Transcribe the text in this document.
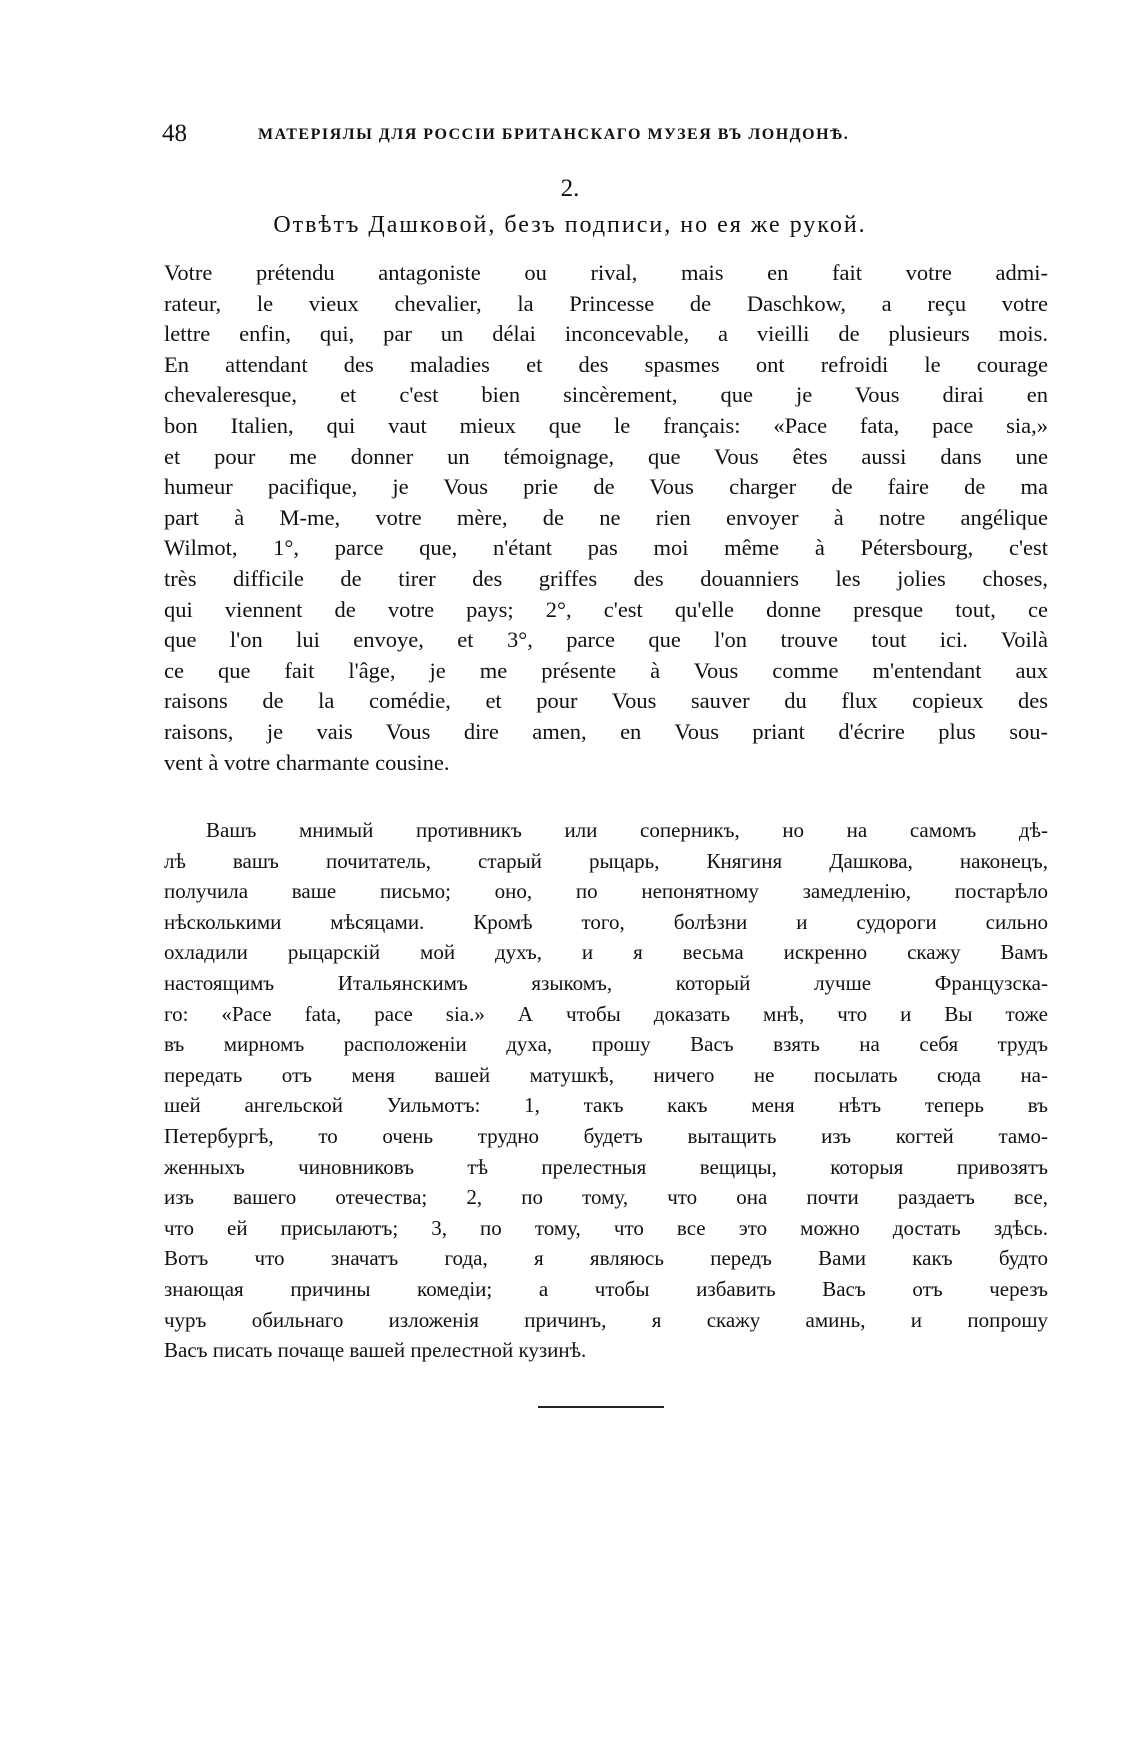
48	МАТЕРІЯЛЫ ДЛЯ РОССІИ БРИТАНСКАГО МУЗЕЯ ВЪ ЛОНДОНѢ.
2.
Отвѣтъ Дашковой, безъ подписи, но ея же рукой.
Votre prétendu antagoniste ou rival, mais en fait votre admi-
rateur, le vieux chevalier, la Princesse de Daschkow, a reçu votre
lettre enfin, qui, par un délai inconcevable, a vieilli de plusieurs mois.
En attendant des maladies et des spasmes ont refroidi le courage
chevaleresque, et c'est bien sincèrement, que je Vous dirai en
bon Italien, qui vaut mieux que le français: «Pace fata, pace sia,»
et pour me donner un témoignage, que Vous êtes aussi dans une
humeur pacifique, je Vous prie de Vous charger de faire de ma
part à M-me, votre mère, de ne rien envoyer à notre angélique
Wilmot, 1°, parce que, n'étant pas moi même à Pétersbourg, c'est
très difficile de tirer des griffes des douanniers les jolies choses,
qui viennent de votre pays; 2°, c'est qu'elle donne presque tout, ce
que l'on lui envoye, et 3°, parce que l'on trouve tout ici. Voilà
ce que fait l'âge, je me présente à Vous comme m'entendant aux
raisons de la comédie, et pour Vous sauver du flux copieux des
raisons, je vais Vous dire amen, en Vous priant d'écrire plus sou-
vent à votre charmante cousine.
Вашъ мнимый противникъ или соперникъ, но на самомъ дѣ-
лѣ вашъ почитатель, старый рыцарь, Княгиня Дашкова, наконецъ,
получила ваше письмо; оно, по непонятному замедленію, постарѣло
нѣсколькими мѣсяцами. Кромѣ того, болѣзни и судороги сильно
охладили рыцарскій мой духъ, и я весьма искренно скажу Вамъ
настоящимъ Итальянскимъ языкомъ, который лучше Французска-
го: «Pace fata, pace sia.» А чтобы доказать мнѣ, что и Вы тоже
въ мирномъ расположеніи духа, прошу Васъ взять на себя трудъ
передать отъ меня вашей матушкѣ, ничего не посылать сюда на-
шей ангельской Уильмотъ: 1, такъ какъ меня нѣтъ теперь въ
Петербургѣ, то очень трудно будетъ вытащить изъ когтей тамо-
женныхъ чиновниковъ тѣ прелестныя вещицы, которыя привозятъ
изъ вашего отечества; 2, по тому, что она почти раздаетъ все,
что ей присылаютъ; 3, по тому, что все это можно достать здѣсь.
Вотъ что значатъ года, я являюсь передъ Вами какъ будто
знающая причины комедіи; а чтобы избавить Васъ отъ черезъ
чуръ обильнаго изложенія причинъ, я скажу аминь, и попрошу
Васъ писать почаще вашей прелестной кузинѣ.
